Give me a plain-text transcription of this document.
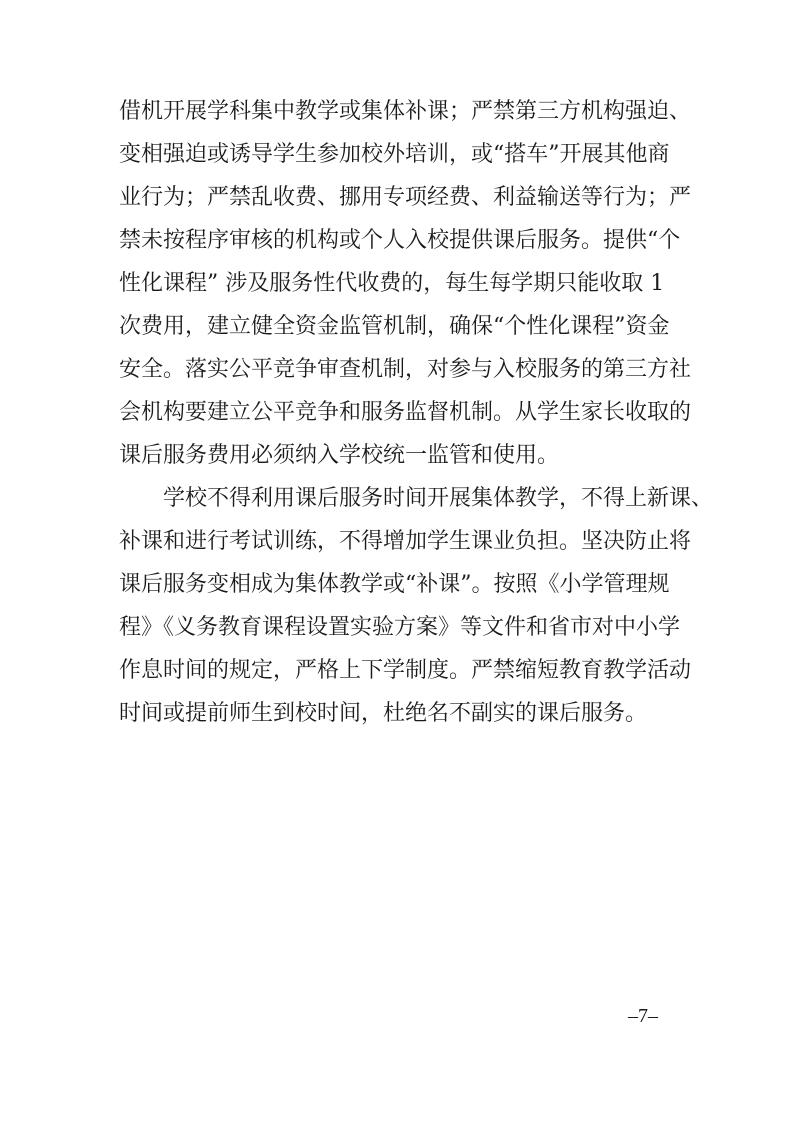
借机开展学科集中教学或集体补课；严禁第三方机构强迫、
变相强迫或诱导学生参加校外培训，或“搭车”开展其他商
业行为；严禁乱收费、挪用专项经费、利益输送等行为；严
禁未按程序审核的机构或个人入校提供课后服务。提供“个
性化课程” 涉及服务性代收费的，每生每学期只能收取 1
次费用，建立健全资金监管机制，确保“个性化课程”资金
安全。落实公平竞争审查机制，对参与入校服务的第三方社
会机构要建立公平竞争和服务监督机制。从学生家长收取的
课后服务费用必须纳入学校统一监管和使用。
　　学校不得利用课后服务时间开展集体教学，不得上新课、
补课和进行考试训练，不得增加学生课业负担。坚决防止将
课后服务变相成为集体教学或“补课”。按照《小学管理规
程》《义务教育课程设置实验方案》等文件和省市对中小学
作息时间的规定，严格上下学制度。严禁缩短教育教学活动
时间或提前师生到校时间，杜绝名不副实的课后服务。
–7–
